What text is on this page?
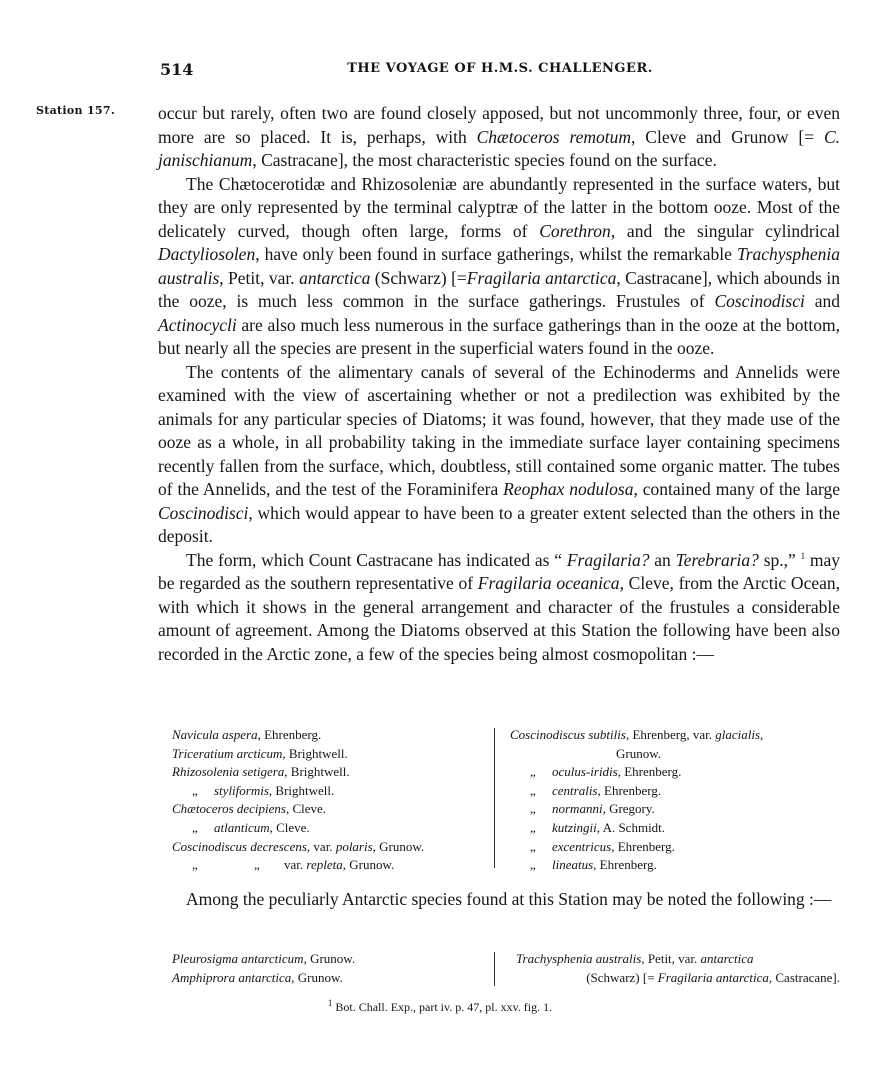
514	THE VOYAGE OF H.M.S. CHALLENGER.
Station 157. occur but rarely, often two are found closely apposed, but not uncommonly three, four, or even more are so placed. It is, perhaps, with Chætoceros remotum, Cleve and Grunow [= C. janischianum, Castracane], the most characteristic species found on the surface.

The Chætocerotidæ and Rhizosoleniæ are abundantly represented in the surface waters, but they are only represented by the terminal calyptræ of the latter in the bottom ooze. Most of the delicately curved, though often large, forms of Corethron, and the singular cylindrical Dactyliosolen, have only been found in surface gatherings, whilst the remarkable Trachysphenia australis, Petit, var. antarctica (Schwarz) [=Fragilaria antarctica, Castracane], which abounds in the ooze, is much less common in the surface gatherings. Frustules of Coscinodisci and Actinocycli are also much less numerous in the surface gatherings than in the ooze at the bottom, but nearly all the species are present in the superficial waters found in the ooze.

The contents of the alimentary canals of several of the Echinoderms and Annelids were examined with the view of ascertaining whether or not a predilection was exhibited by the animals for any particular species of Diatoms; it was found, however, that they made use of the ooze as a whole, in all probability taking in the immediate surface layer containing specimens recently fallen from the surface, which, doubtless, still contained some organic matter. The tubes of the Annelids, and the test of the Foraminifera Reophax nodulosa, contained many of the large Coscinodisci, which would appear to have been to a greater extent selected than the others in the deposit.

The form, which Count Castracane has indicated as “ Fragilaria? an Terebraria? sp.,” $^1$ may be regarded as the southern representative of Fragilaria oceanica, Cleve, from the Arctic Ocean, with which it shows in the general arrangement and character of the frustules a considerable amount of agreement. Among the Diatoms observed at this Station the following have been also recorded in the Arctic zone, a few of the species being almost cosmopolitan :—

Navicula aspera, Ehrenberg.
Triceratium arcticum, Brightwell.
Rhizosolenia setigera, Brightwell.
„ styliformis, Brightwell.
Chætoceros decipiens, Cleve.
„ atlanticum, Cleve.
Coscinodiscus decrescens, var. polaris, Grunow.
„	„ var. repleta, Grunow.
Coscinodiscus subtilis, Ehrenberg, var. glacialis,
Grunow.
„ oculus-iridis, Ehrenberg.
„ centralis, Ehrenberg.
„ normanni, Gregory.
„ kutzingii, A. Schmidt.
„ excentricus, Ehrenberg.
„ lineatus, Ehrenberg.

Among the peculiarly Antarctic species found at this Station may be noted the following :—

Pleurosigma antarcticum, Grunow.
Amphiprora antarctica, Grunow.
Trachysphenia australis, Petit, var. antarctica
(Schwarz) [= Fragilaria antarctica, Castracane].
$^1$ Bot. Chall. Exp., part iv. p. 47, pl. xxv. fig. 1.
